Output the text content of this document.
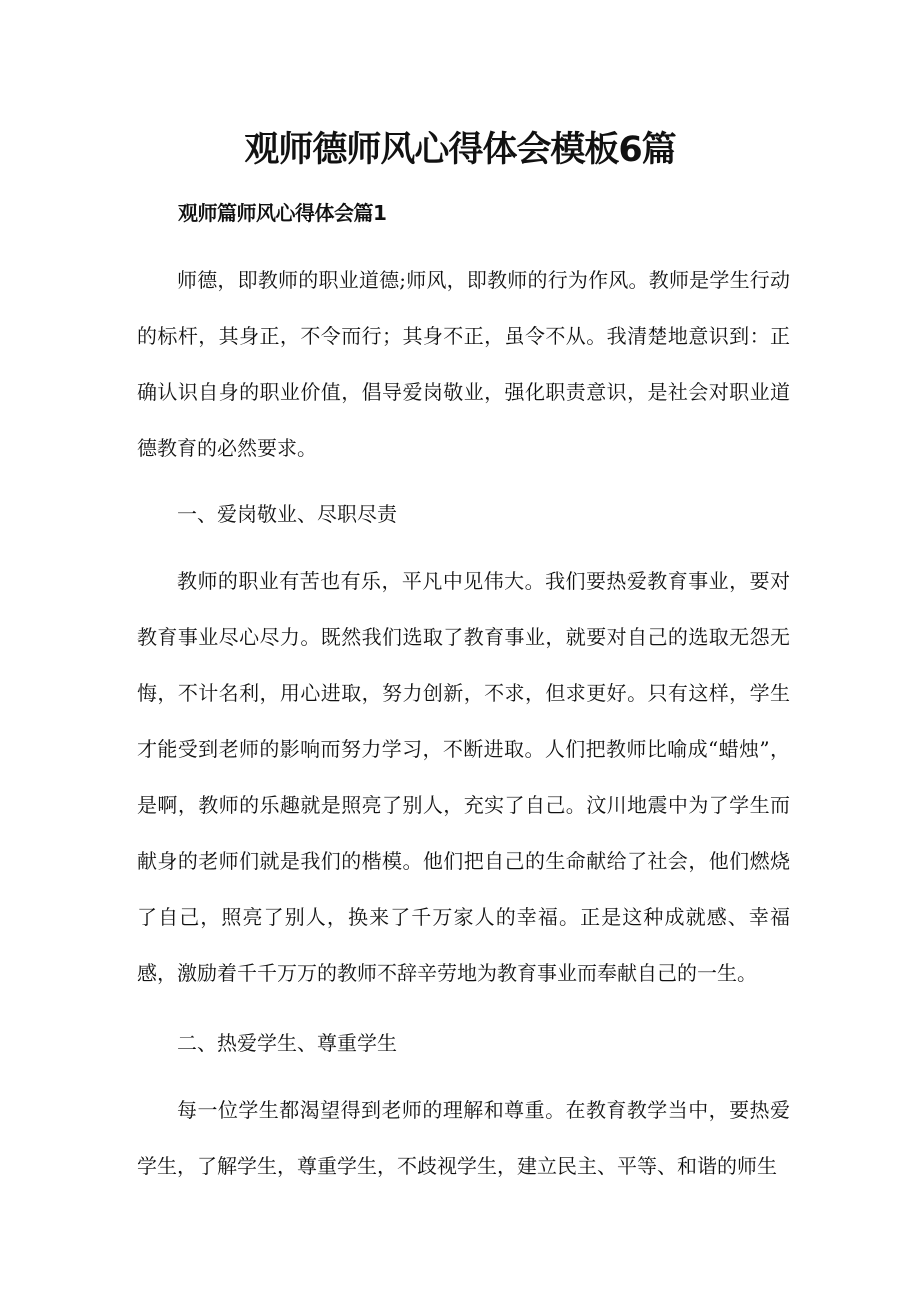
观师德师风心得体会模板6篇
观师篇师风心得体会篇1

师德，即教师的职业道德;师风，即教师的行为作风。教师是学生行动的标杆，其身正，不令而行；其身不正，虽令不从。我清楚地意识到：正确认识自身的职业价值，倡导爱岗敬业，强化职责意识，是社会对职业道德教育的必然要求。

一、爱岗敬业、尽职尽责

教师的职业有苦也有乐，平凡中见伟大。我们要热爱教育事业，要对教育事业尽心尽力。既然我们选取了教育事业，就要对自己的选取无怨无悔，不计名利，用心进取，努力创新，不求，但求更好。只有这样，学生才能受到老师的影响而努力学习，不断进取。人们把教师比喻成“蜡烛”，是啊，教师的乐趣就是照亮了别人，充实了自己。汶川地震中为了学生而献身的老师们就是我们的楷模。他们把自己的生命献给了社会，他们燃烧了自己，照亮了别人，换来了千万家人的幸福。正是这种成就感、幸福感，激励着千千万万的教师不辞辛劳地为教育事业而奉献自己的一生。

二、热爱学生、尊重学生

每一位学生都渴望得到老师的理解和尊重。在教育教学当中，要热爱学生，了解学生，尊重学生，不歧视学生，建立民主、平等、和谐的师生
